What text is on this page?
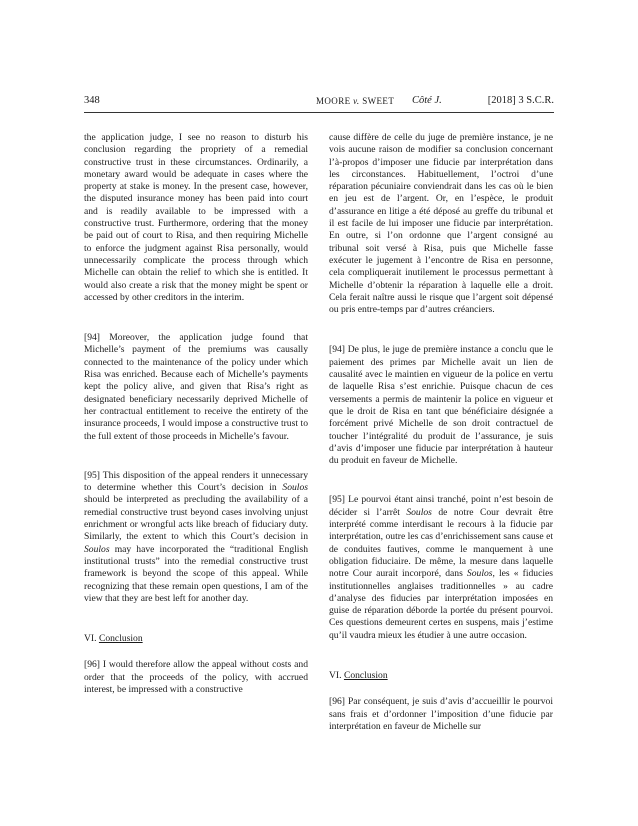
348	MOORE v. SWEET Côté J.	[2018] 3 S.C.R.

the application judge, I see no reason to disturb his conclusion regarding the propriety of a remedial constructive trust in these circumstances. Ordinarily, a monetary award would be adequate in cases where the property at stake is money. In the present case, however, the disputed insurance money has been paid into court and is readily available to be impressed with a constructive trust. Furthermore, ordering that the money be paid out of court to Risa, and then requiring Michelle to enforce the judgment against Risa personally, would unnecessarily complicate the process through which Michelle can obtain the relief to which she is entitled. It would also create a risk that the money might be spent or accessed by other creditors in the interim.

[94] Moreover, the application judge found that Michelle’s payment of the premiums was causally connected to the maintenance of the policy under which Risa was enriched. Because each of Michelle’s payments kept the policy alive, and given that Risa’s right as designated beneficiary necessarily deprived Michelle of her contractual entitlement to receive the entirety of the insurance proceeds, I would impose a constructive trust to the full extent of those proceeds in Michelle’s favour.

[95] This disposition of the appeal renders it unnecessary to determine whether this Court’s decision in Soulos should be interpreted as precluding the availability of a remedial constructive trust beyond cases involving unjust enrichment or wrongful acts like breach of fiduciary duty. Similarly, the extent to which this Court’s decision in Soulos may have incorporated the “traditional English institutional trusts” into the remedial constructive trust framework is beyond the scope of this appeal. While recognizing that these remain open questions, I am of the view that they are best left for another day.

VI. Conclusion

[96] I would therefore allow the appeal without costs and order that the proceeds of the policy, with accrued interest, be impressed with a constructive

cause diffère de celle du juge de première instance, je ne vois aucune raison de modifier sa conclusion concernant l’à-propos d’imposer une fiducie par interprétation dans les circonstances. Habituellement, l’octroi d’une réparation pécuniaire conviendrait dans les cas où le bien en jeu est de l’argent. Or, en l’espèce, le produit d’assurance en litige a été déposé au greffe du tribunal et il est facile de lui imposer une fiducie par interprétation. En outre, si l’on ordonne que l’argent consigné au tribunal soit versé à Risa, puis que Michelle fasse exécuter le jugement à l’encontre de Risa en personne, cela compliquerait inutilement le processus permettant à Michelle d’obtenir la réparation à laquelle elle a droit. Cela ferait naître aussi le risque que l’argent soit dépensé ou pris entre-temps par d’autres créanciers.

[94] De plus, le juge de première instance a conclu que le paiement des primes par Michelle avait un lien de causalité avec le maintien en vigueur de la police en vertu de laquelle Risa s’est enrichie. Puisque chacun de ces versements a permis de maintenir la police en vigueur et que le droit de Risa en tant que bénéficiaire désignée a forcément privé Michelle de son droit contractuel de toucher l’intégralité du produit de l’assurance, je suis d’avis d’imposer une fiducie par interprétation à hauteur du produit en faveur de Michelle.

[95] Le pourvoi étant ainsi tranché, point n’est besoin de décider si l’arrêt Soulos de notre Cour devrait être interprété comme interdisant le recours à la fiducie par interprétation, outre les cas d’enrichissement sans cause et de conduites fautives, comme le manquement à une obligation fiduciaire. De même, la mesure dans laquelle notre Cour aurait incorporé, dans Soulos, les « fiducies institutionnelles anglaises traditionnelles » au cadre d’analyse des fiducies par interprétation imposées en guise de réparation déborde la portée du présent pourvoi. Ces questions demeurent certes en suspens, mais j’estime qu’il vaudra mieux les étudier à une autre occasion.

VI. Conclusion

[96] Par conséquent, je suis d’avis d’accueillir le pourvoi sans frais et d’ordonner l’imposition d’une fiducie par interprétation en faveur de Michelle sur
